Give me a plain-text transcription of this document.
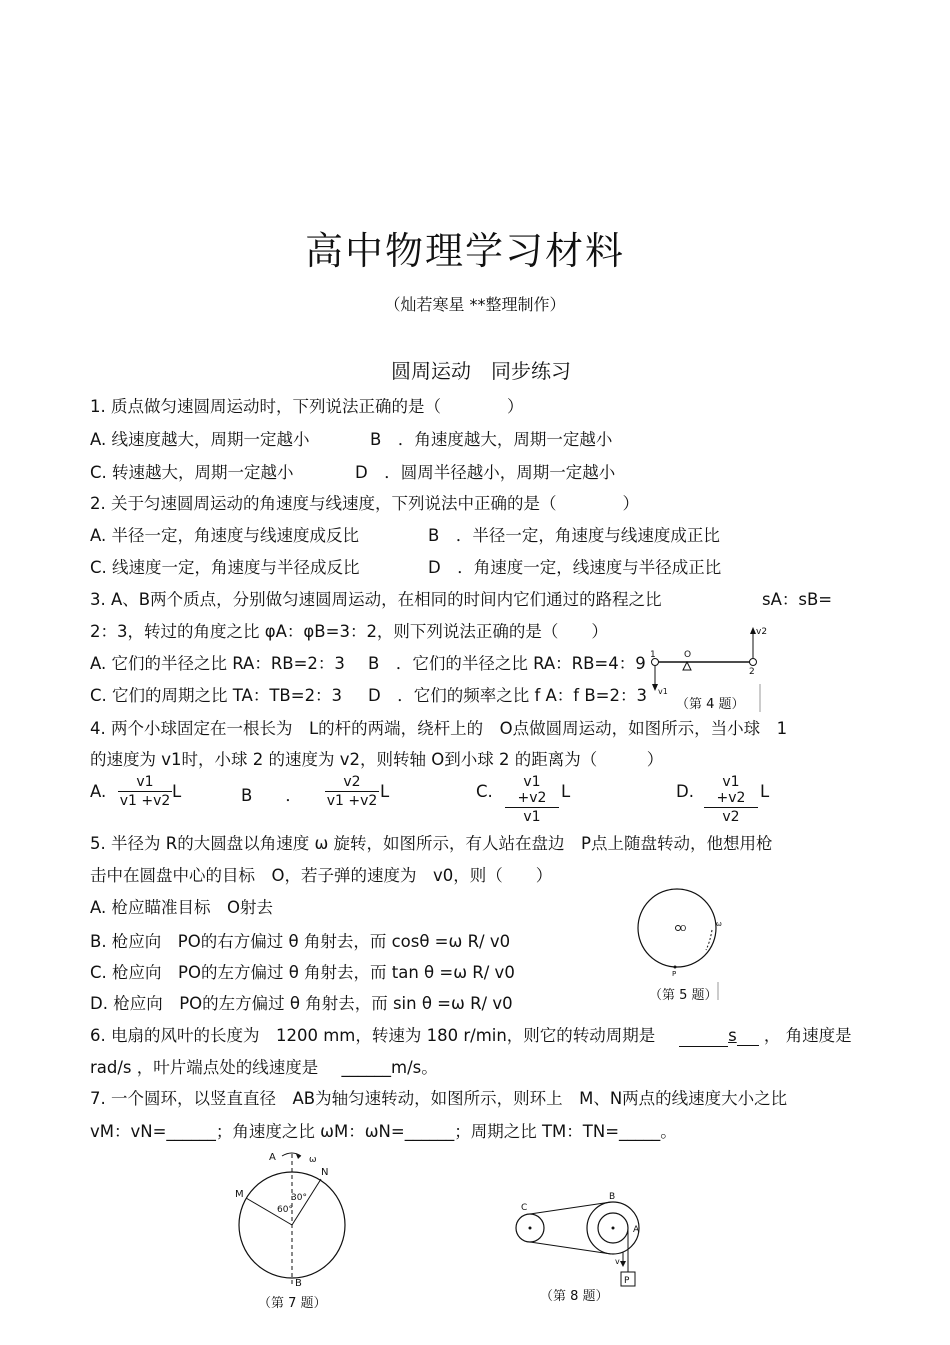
高中物理学习材料
（灿若寒星 **整理制作）
圆周运动　同步练习
1. 质点做匀速圆周运动时，下列说法正确的是（　　　　）
A. 线速度越大，周期一定越小	B　．角速度越大，周期一定越小
C. 转速越大，周期一定越小	D　．圆周半径越小，周期一定越小
2. 关于匀速圆周运动的角速度与线速度，下列说法中正确的是（　　　　）
A. 半径一定，角速度与线速度成反比	B　．半径一定，角速度与线速度成正比
C. 线速度一定，角速度与半径成反比	D　．角速度一定，线速度与半径成正比
3. A、B两个质点，分别做匀速圆周运动，在相同的时间内它们通过的路程之比	sA：sB=
2：3，转过的角度之比 φA：φB=3：2，则下列说法正确的是（　　）
A. 它们的半径之比 RA：RB=2：3 B　．它们的半径之比 RA：RB=4：9
C. 它们的周期之比 TA：TB=2：3 D　．它们的频率之比 f A：f B=2：3
v2
1	O
2
v1
（第 4 题）
4. 两个小球固定在一根长为　L的杆的两端，绕杆上的　O点做圆周运动，如图所示，当小球　1
的速度为 v1时，小球 2 的速度为 v2，则转轴 O到小球 2 的距离为（　　　）
A. $\frac{v1}{v1 +v2}$ L	B　　． $\frac{v2}{v1 +v2}$ L	C. $\frac{v1 +v2}{v1}$ L	D. $\frac{v1 +v2}{v2}$ L
5. 半径为 R的大圆盘以角速度 ω 旋转，如图所示，有人站在盘边　P点上随盘转动，他想用枪
击中在圆盘中心的目标　O，若子弹的速度为　v0，则（　　）
A. 枪应瞄准目标　O射去
B. 枪应向　PO的右方偏过 θ 角射去，而 cosθ =ω R/ v0
C. 枪应向　PO的左方偏过 θ 角射去，而 tan θ =ω R/ v0
D. 枪应向　PO的左方偏过 θ 角射去，而 sin θ =ω R/ v0
O
P
ω
（第 5 题）
6. 电扇的风叶的长度为　1200 mm，转速为 180 r/min，则它的转动周期是 　　　	s ， 角速度是
rad/s ，叶片端点处的线速度是 ______m/s。
7. 一个圆环，以竖直直径　AB为轴匀速转动，如图所示，则环上　M、N两点的线速度大小之比
vM：vN=______；角速度之比 ωM：ωN=______；周期之比 TM：TN=_____。
A	ω
N
M	30°
60°
B
（第 7 题）
C
B
A
v
P
（第 8 题）
